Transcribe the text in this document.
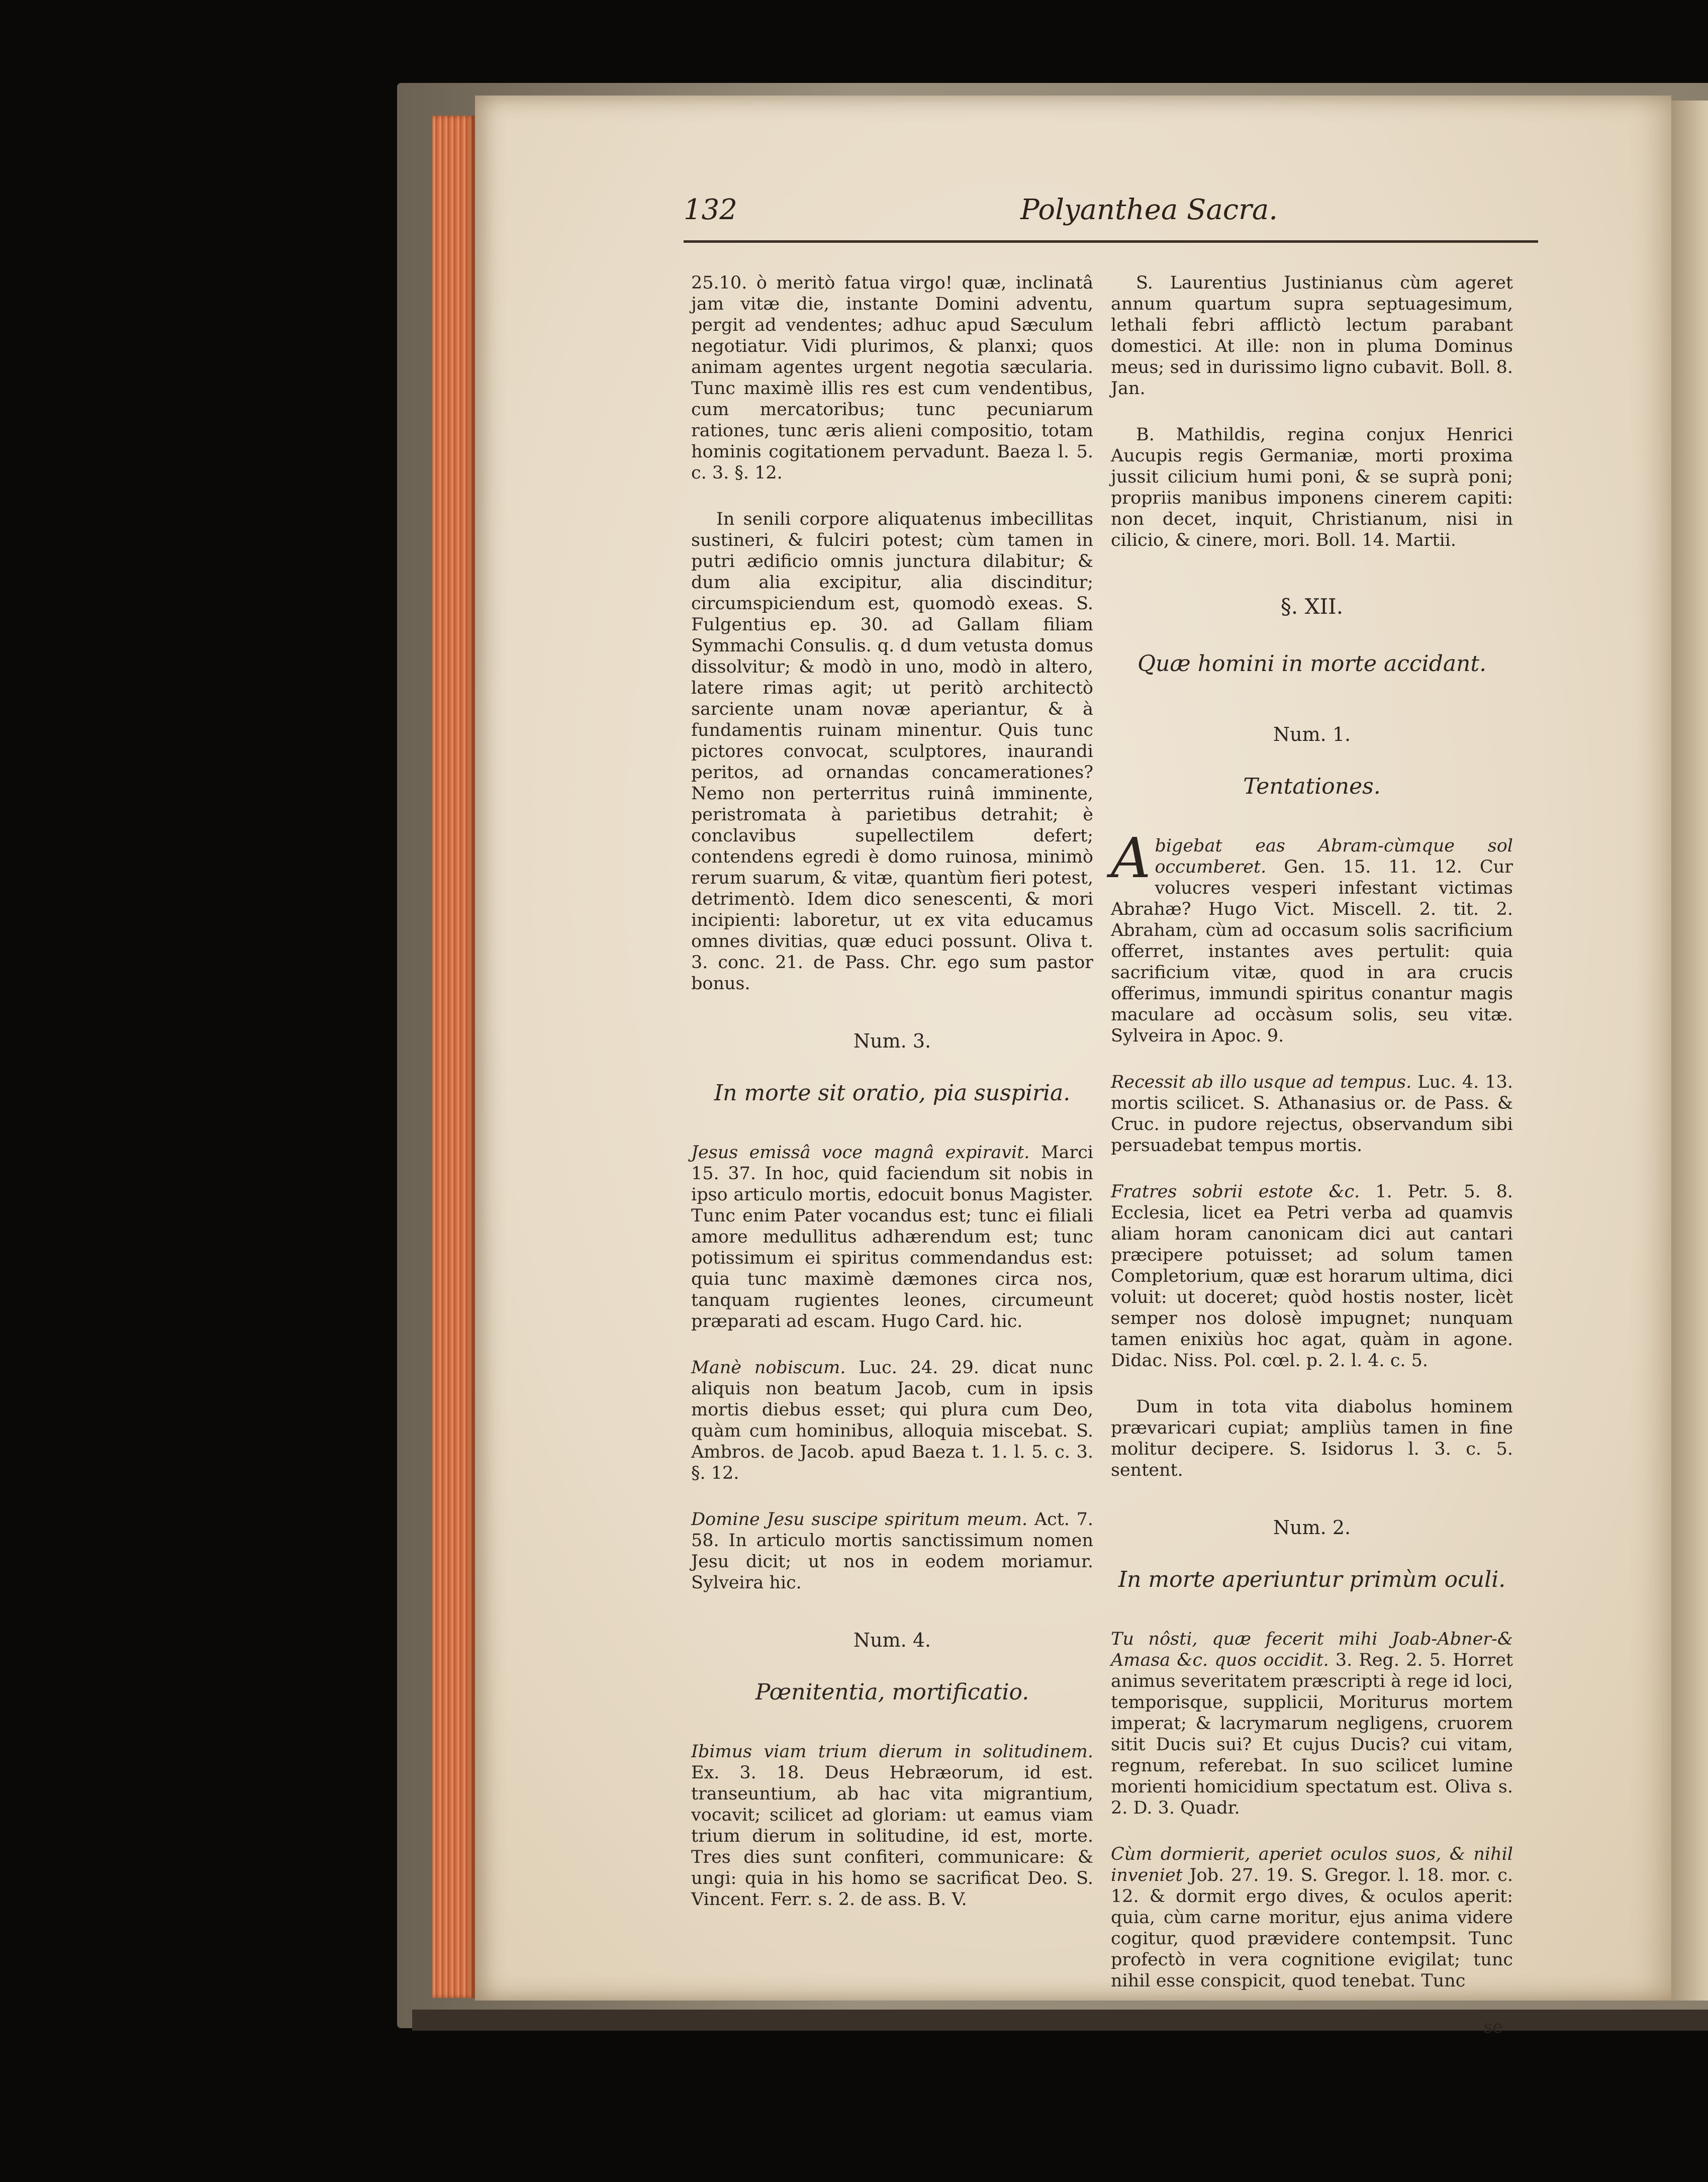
132	Polyanthea Sacra.

25.10. ò meritò fatua virgo! quæ, inclinatâ jam vitæ die, instante Domini adventu, pergit ad vendentes; adhuc apud Sæculum negotiatur. Vidi plurimos, & planxi; quos animam agentes urgent negotia sæcularia. Tunc maximè illis res est cum vendentibus, cum mercatoribus; tunc pecuniarum rationes, tunc æris alieni compositio, totam hominis cogitationem pervadunt. Baeza l. 5. c. 3. §. 12.

In senili corpore aliquatenus imbecillitas sustineri, & fulciri potest; cùm tamen in putri ædificio omnis junctura dilabitur; & dum alia excipitur, alia discinditur; circumspiciendum est, quomodò exeas. S. Fulgentius ep. 30. ad Gallam filiam Symmachi Consulis. q. d dum vetusta domus dissolvitur; & modò in uno, modò in altero, latere rimas agit; ut peritò architectò sarciente unam novæ aperiantur, & à fundamentis ruinam minentur. Quis tunc pictores convocat, sculptores, inaurandi peritos, ad ornandas concamerationes? Nemo non perterritus ruinâ imminente, peristromata à parietibus detrahit; è conclavibus supellectilem defert; contendens egredi è domo ruinosa, minimò rerum suarum, & vitæ, quantùm fieri potest, detrimentò. Idem dico senescenti, & mori incipienti: laboretur, ut ex vita educamus omnes divitias, quæ educi possunt. Oliva t. 3. conc. 21. de Pass. Chr. ego sum pastor bonus.

Num. 3.

In morte sit oratio, pia suspiria.

Jesus emissâ voce magnâ expiravit. Marci 15. 37. In hoc, quid faciendum sit nobis in ipso articulo mortis, edocuit bonus Magister. Tunc enim Pater vocandus est; tunc ei filiali amore medullitus adhærendum est; tunc potissimum ei spiritus commendandus est: quia tunc maximè dæmones circa nos, tanquam rugientes leones, circumeunt præparati ad escam. Hugo Card. hic.

Manè nobiscum. Luc. 24. 29. dicat nunc aliquis non beatum Jacob, cum in ipsis mortis diebus esset; qui plura cum Deo, quàm cum hominibus, alloquia miscebat. S. Ambros. de Jacob. apud Baeza t. 1. l. 5. c. 3. §. 12.

Domine Jesu suscipe spiritum meum. Act. 7. 58. In articulo mortis sanctissimum nomen Jesu dicit; ut nos in eodem moriamur. Sylveira hic.

Num. 4.

Pœnitentia, mortificatio.

Ibimus viam trium dierum in solitudinem. Ex. 3. 18. Deus Hebræorum, id est. transeuntium, ab hac vita migrantium, vocavit; scilicet ad gloriam: ut eamus viam trium dierum in solitudine, id est, morte. Tres dies sunt confiteri, communicare: & ungi: quia in his homo se sacrificat Deo. S. Vincent. Ferr. s. 2. de ass. B. V.

S. Laurentius Justinianus cùm ageret annum quartum supra septuagesimum, lethali febri afflictò lectum parabant domestici. At ille: non in pluma Dominus meus; sed in durissimo ligno cubavit. Boll. 8. Jan.

B. Mathildis, regina conjux Henrici Aucupis regis Germaniæ, morti proxima jussit cilicium humi poni, & se suprà poni; propriis manibus imponens cinerem capiti: non decet, inquit, Christianum, nisi in cilicio, & cinere, mori. Boll. 14. Martii.

§. XII.

Quæ homini in morte accidant.

Num. 1.

Tentationes.

Abigebat eas Abram-cùmque sol occumberet. Gen. 15. 11. 12. Cur volucres vesperi infestant victimas Abrahæ? Hugo Vict. Miscell. 2. tit. 2. Abraham, cùm ad occasum solis sacrificium offerret, instantes aves pertulit: quia sacrificium vitæ, quod in ara crucis offerimus, immundi spiritus conantur magis maculare ad occàsum solis, seu vitæ. Sylveira in Apoc. 9.

Recessit ab illo usque ad tempus. Luc. 4. 13. mortis scilicet. S. Athanasius or. de Pass. & Cruc. in pudore rejectus, observandum sibi persuadebat tempus mortis.

Fratres sobrii estote &c. 1. Petr. 5. 8. Ecclesia, licet ea Petri verba ad quamvis aliam horam canonicam dici aut cantari præcipere potuisset; ad solum tamen Completorium, quæ est horarum ultima, dici voluit: ut doceret; quòd hostis noster, licèt semper nos dolosè impugnet; nunquam tamen enixiùs hoc agat, quàm in agone. Didac. Niss. Pol. cœl. p. 2. l. 4. c. 5.

Dum in tota vita diabolus hominem prævaricari cupiat; ampliùs tamen in fine molitur decipere. S. Isidorus l. 3. c. 5. sentent.

Num. 2.

In morte aperiuntur primùm oculi.

Tu nôsti, quæ fecerit mihi Joab-Abner-& Amasa &c. quos occidit. 3. Reg. 2. 5. Horret animus severitatem præscripti à rege id loci, temporisque, supplicii, Moriturus mortem imperat; & lacrymarum negligens, cruorem sitit Ducis sui? Et cujus Ducis? cui vitam, regnum, referebat. In suo scilicet lumine morienti homicidium spectatum est. Oliva s. 2. D. 3. Quadr.

Cùm dormierit, aperiet oculos suos, & nihil inveniet Job. 27. 19. S. Gregor. l. 18. mor. c. 12. & dormit ergo dives, & oculos aperit: quia, cùm carne moritur, ejus anima videre cogitur, quod prævidere contempsit. Tunc profectò in vera cognitione evigilat; tunc nihil esse conspicit, quod tenebat. Tunc

se
